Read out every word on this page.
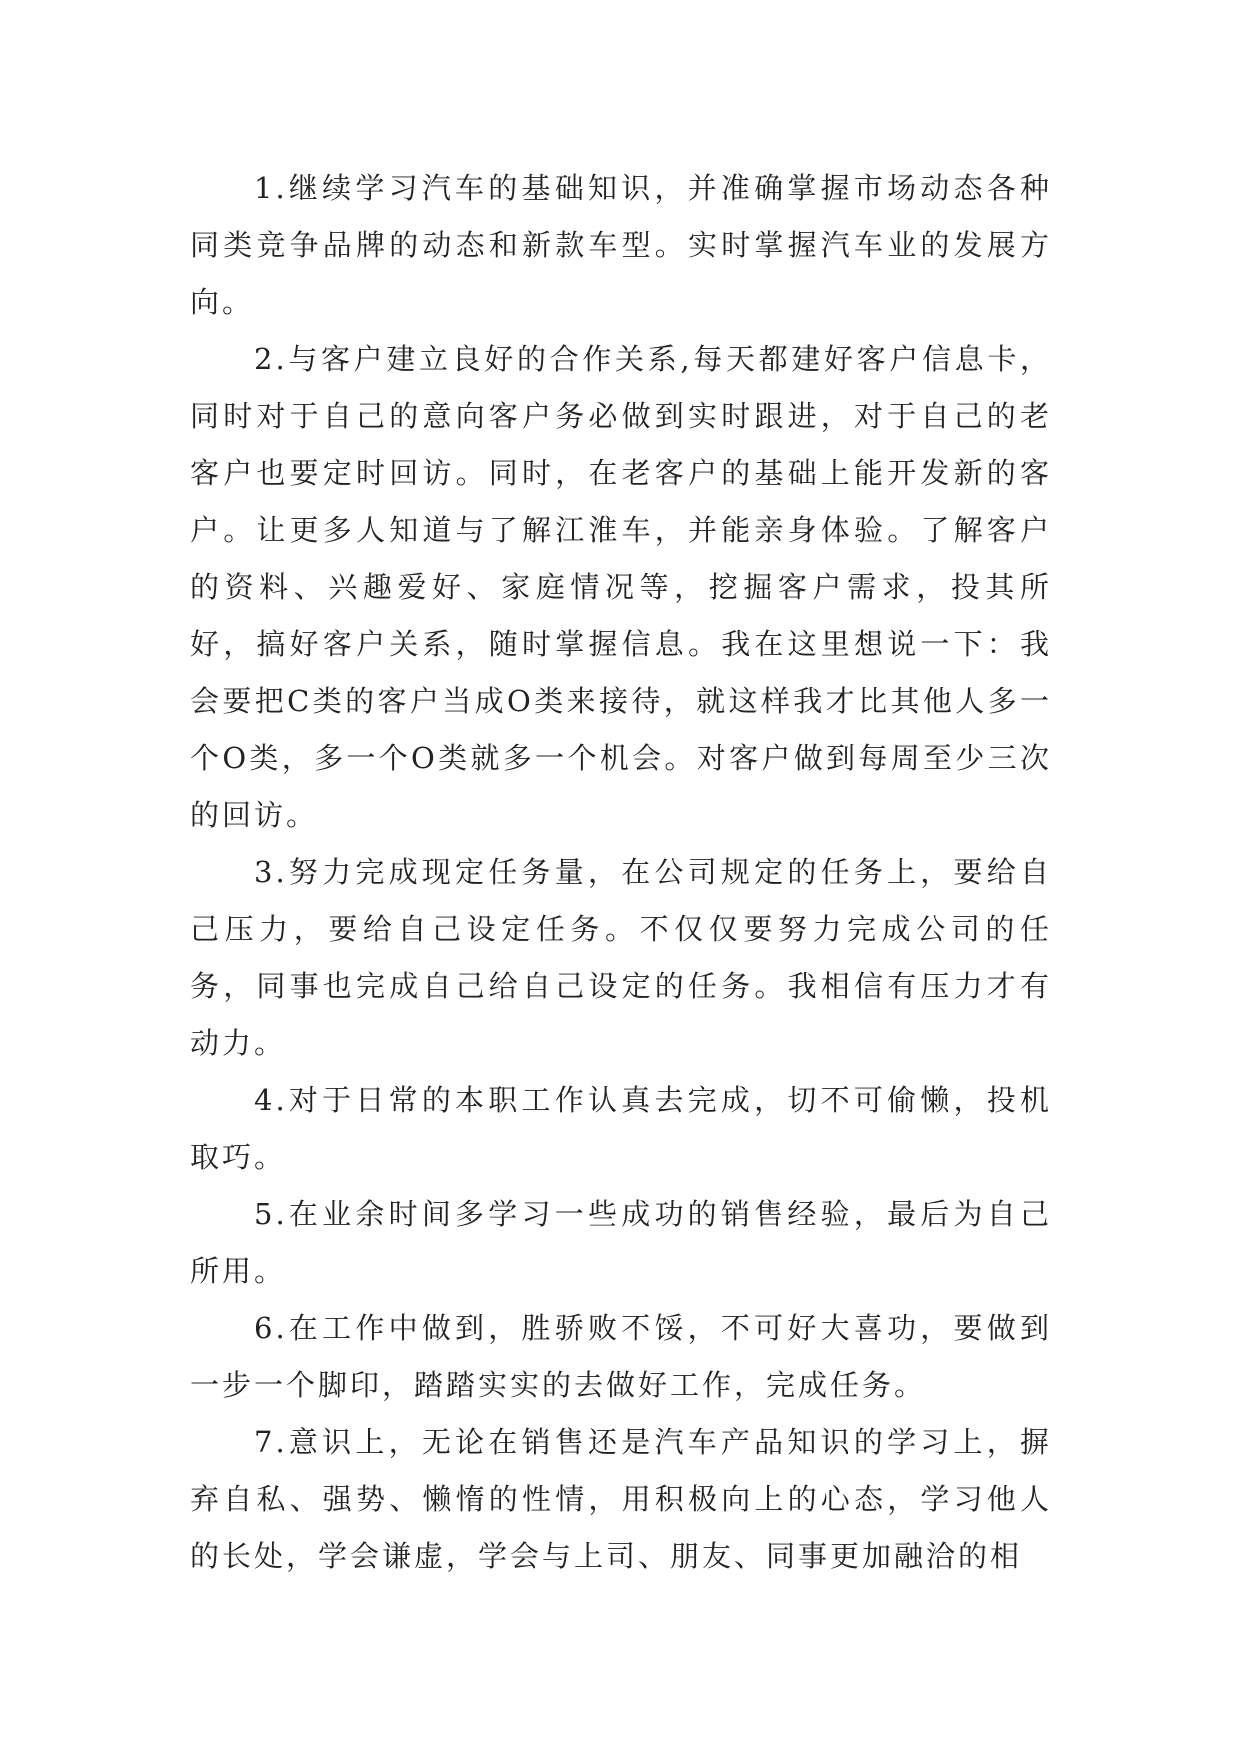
1.继续学习汽车的基础知识，并准确掌握市场动态各种同类竞争品牌的动态和新款车型。实时掌握汽车业的发展方向。

2.与客户建立良好的合作关系,每天都建好客户信息卡，同时对于自己的意向客户务必做到实时跟进，对于自己的老客户也要定时回访。同时，在老客户的基础上能开发新的客户。让更多人知道与了解江淮车，并能亲身体验。了解客户的资料、兴趣爱好、家庭情况等，挖掘客户需求，投其所好，搞好客户关系，随时掌握信息。我在这里想说一下：我会要把C类的客户当成O类来接待，就这样我才比其他人多一个O类，多一个O类就多一个机会。对客户做到每周至少三次的回访。

3.努力完成现定任务量，在公司规定的任务上，要给自己压力，要给自己设定任务。不仅仅要努力完成公司的任务，同事也完成自己给自己设定的任务。我相信有压力才有动力。

4.对于日常的本职工作认真去完成，切不可偷懒，投机取巧。

5.在业余时间多学习一些成功的销售经验，最后为自己所用。

6.在工作中做到，胜骄败不馁，不可好大喜功，要做到一步一个脚印，踏踏实实的去做好工作，完成任务。

7.意识上，无论在销售还是汽车产品知识的学习上，摒弃自私、强势、懒惰的性情，用积极向上的心态，学习他人的长处，学会谦虚，学会与上司、朋友、同事更加融洽的相
